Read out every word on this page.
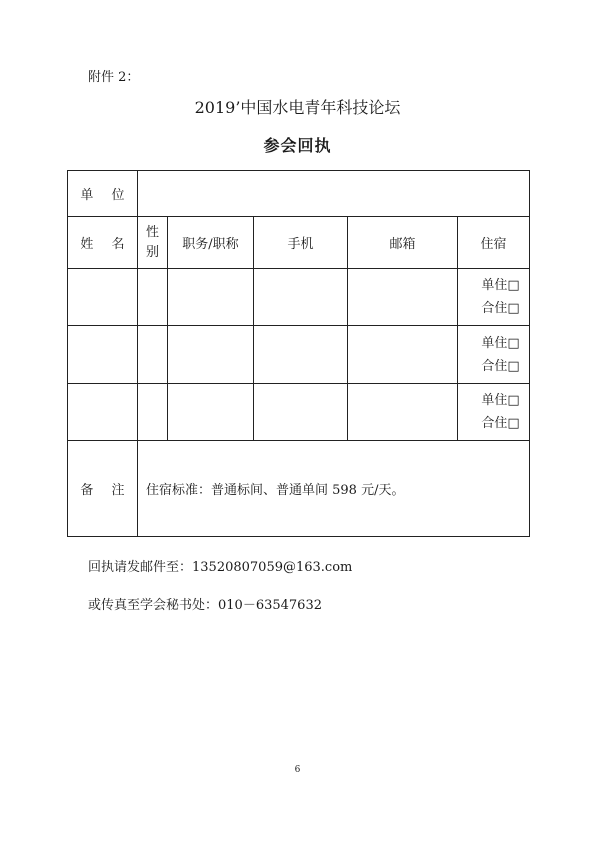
附件 2：
2019’中国水电青年科技论坛
参会回执
单 位					
姓 名	性别	职务/职称	手机	邮箱	住宿

					单住□
合住□

					单住□
合住□

					单住□
合住□

备 注	住宿标准：普通标间、普通单间 598 元/天。				
回执请发邮件至：13520807059@163.com
或传真至学会秘书处：010－63547632
6
